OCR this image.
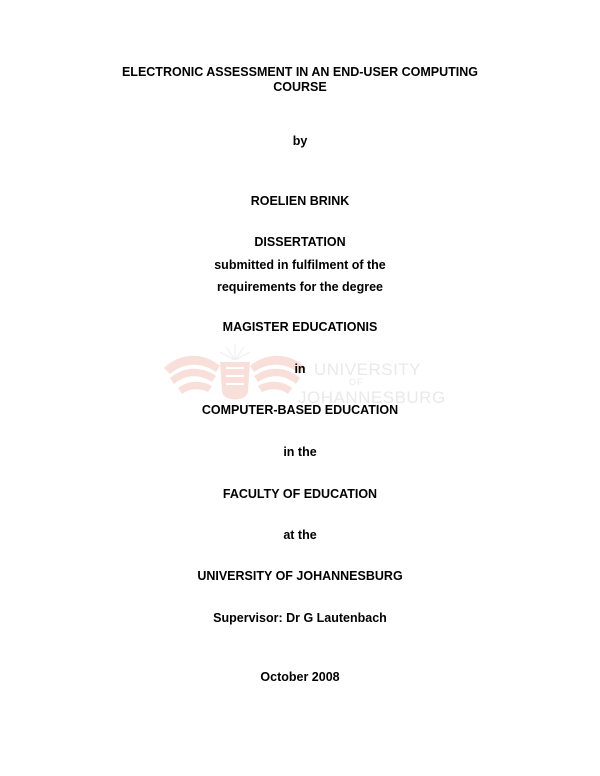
UNIVERSITY
OF
JOHANNESBURG
ELECTRONIC ASSESSMENT IN AN END-USER COMPUTING
COURSE
by
ROELIEN BRINK
DISSERTATION
submitted in fulfilment of the
requirements for the degree
MAGISTER EDUCATIONIS
in
COMPUTER-BASED EDUCATION
in the
FACULTY OF EDUCATION
at the
UNIVERSITY OF JOHANNESBURG
Supervisor: Dr G Lautenbach
October 2008
